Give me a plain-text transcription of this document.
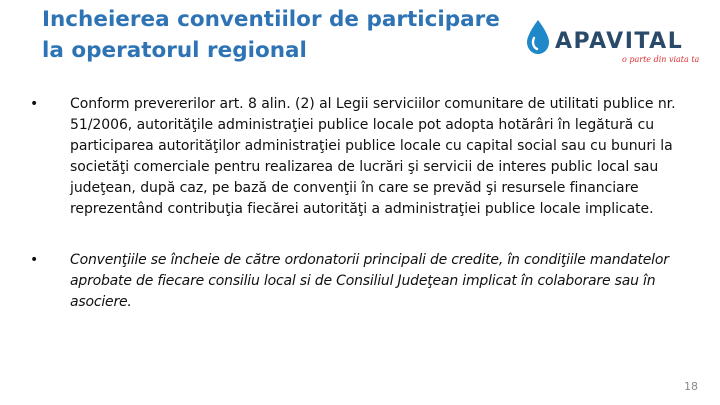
Incheierea conventiilor de participare la operatorul regional	APAVITAL
o parte din viata ta
• Conform prevererilor art. 8 alin. (2) al Legii serviciilor comunitare de utilitati publice nr. 51/2006, autorităţile administraţiei publice locale pot adopta hotărâri în legătură cu participarea autorităţilor administraţiei publice locale cu capital social sau cu bunuri la societăţi comerciale pentru realizarea de lucrări şi servicii de interes public local sau judeţean, după caz, pe bază de convenţii în care se prevăd şi resursele financiare reprezentând contribuţia fiecărei autorităţi a administraţiei publice locale implicate.
• Convenţiile se încheie de către ordonatorii principali de credite, în condiţiile mandatelor aprobate de fiecare consiliu local si de Consiliul Judeţean implicat în colaborare sau în asociere.
18
